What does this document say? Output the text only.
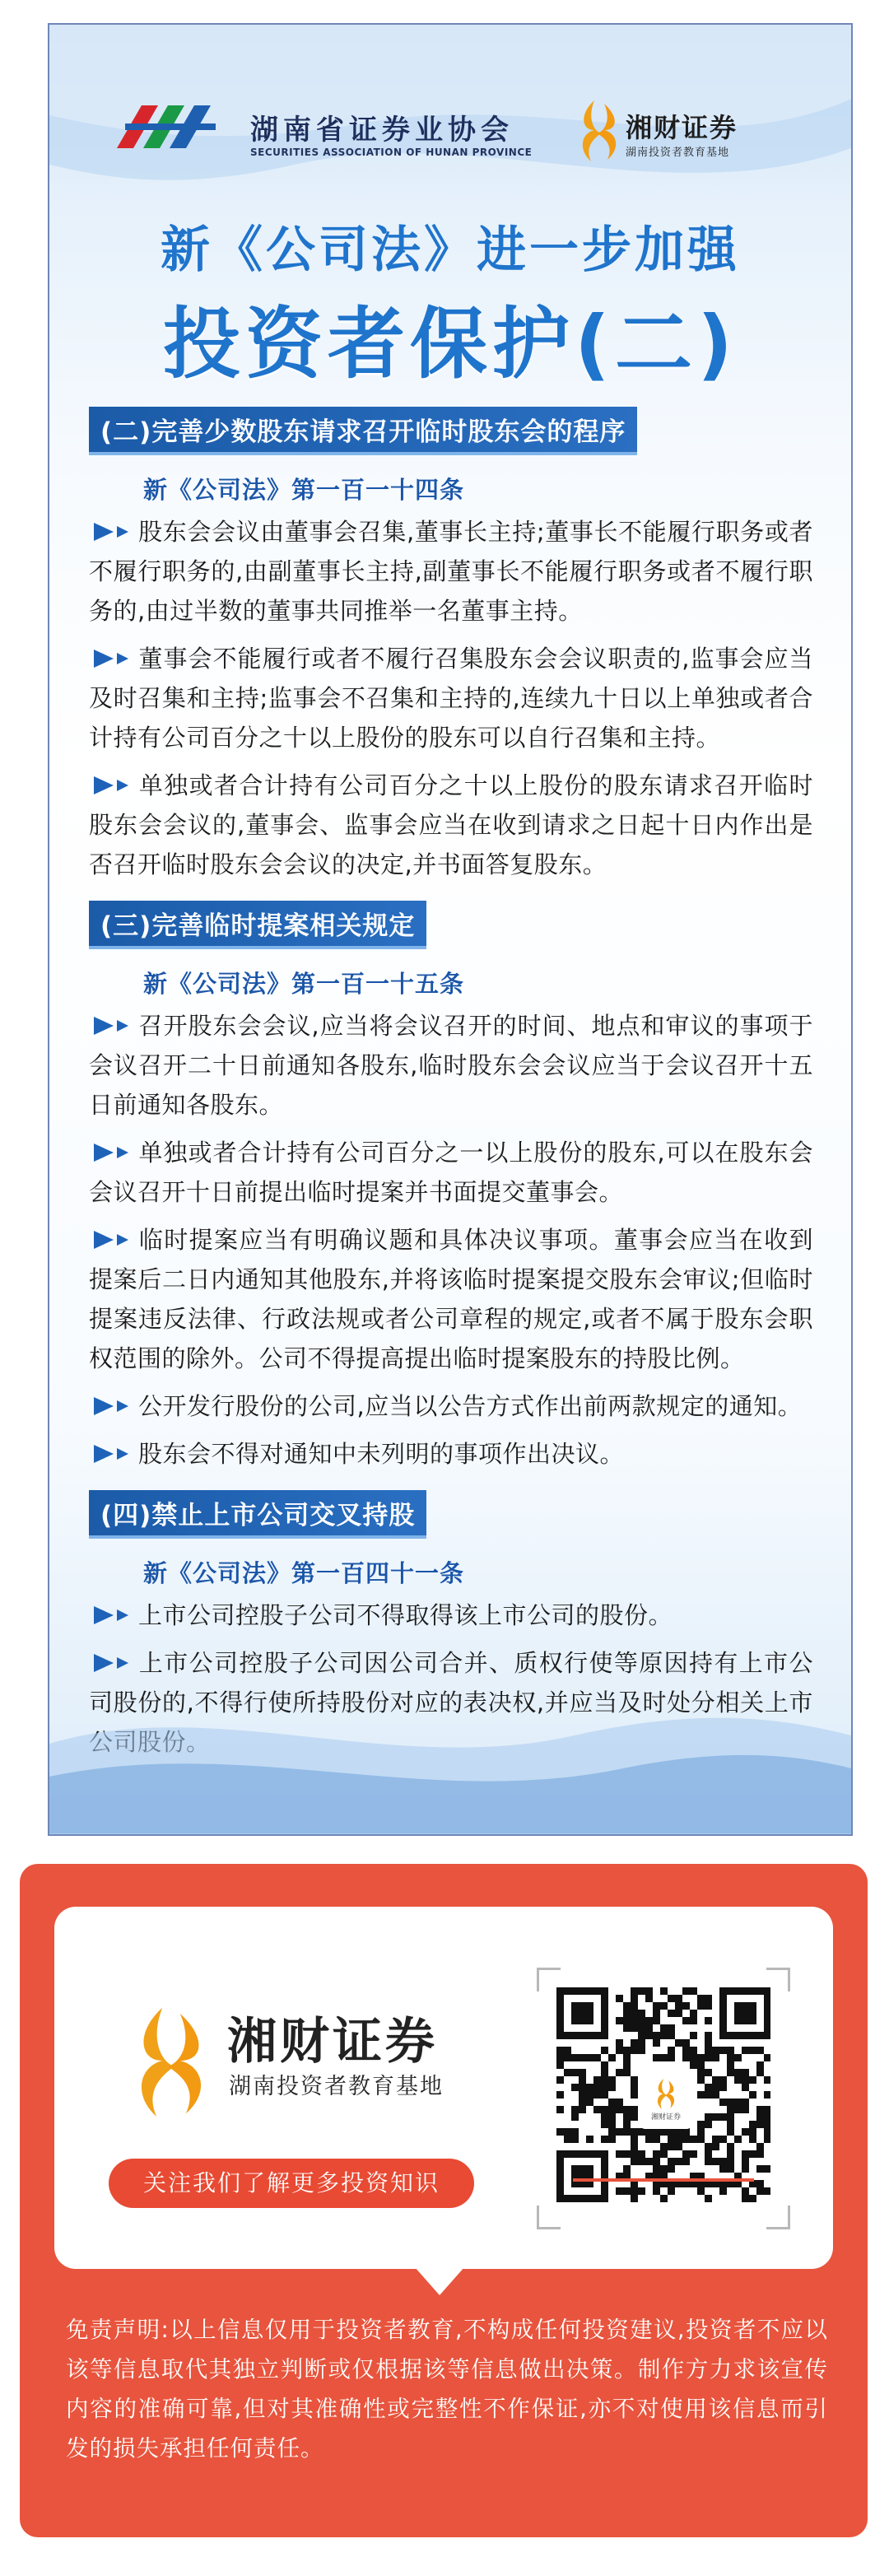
湖南省证券业协会
SECURITIES ASSOCIATION OF HUNAN PROVINCE
湘财证券
湖南投资者教育基地
新《公司法》进一步加强
投资者保护(二)
(二)完善少数股东请求召开临时股东会的程序
新《公司法》第一百一十四条
股东会会议由董事会召集,董事长主持;董事长不能履行职务或者不履行职务的,由副董事长主持,副董事长不能履行职务或者不履行职务的,由过半数的董事共同推举一名董事主持。
董事会不能履行或者不履行召集股东会会议职责的,监事会应当及时召集和主持;监事会不召集和主持的,连续九十日以上单独或者合计持有公司百分之十以上股份的股东可以自行召集和主持。
单独或者合计持有公司百分之十以上股份的股东请求召开临时股东会会议的,董事会、监事会应当在收到请求之日起十日内作出是否召开临时股东会会议的决定,并书面答复股东。
(三)完善临时提案相关规定
新《公司法》第一百一十五条
召开股东会会议,应当将会议召开的时间、地点和审议的事项于会议召开二十日前通知各股东,临时股东会会议应当于会议召开十五日前通知各股东。
单独或者合计持有公司百分之一以上股份的股东,可以在股东会会议召开十日前提出临时提案并书面提交董事会。
临时提案应当有明确议题和具体决议事项。董事会应当在收到提案后二日内通知其他股东,并将该临时提案提交股东会审议;但临时提案违反法律、行政法规或者公司章程的规定,或者不属于股东会职权范围的除外。公司不得提高提出临时提案股东的持股比例。
公开发行股份的公司,应当以公告方式作出前两款规定的通知。
股东会不得对通知中未列明的事项作出决议。
(四)禁止上市公司交叉持股
新《公司法》第一百四十一条
上市公司控股子公司不得取得该上市公司的股份。
上市公司控股子公司因公司合并、质权行使等原因持有上市公司股份的,不得行使所持股份对应的表决权,并应当及时处分相关上市
湘财证券
湖南投资者教育基地
关注我们了解更多投资知识
湘财证券
免责声明:以上信息仅用于投资者教育,不构成任何投资建议,投资者不应以该等信息取代其独立判断或仅根据该等信息做出决策。制作方力求该宣传内容的准确可靠,但对其准确性或完整性不作保证,亦不对使用该信息而引发的损失承担任何责任。
